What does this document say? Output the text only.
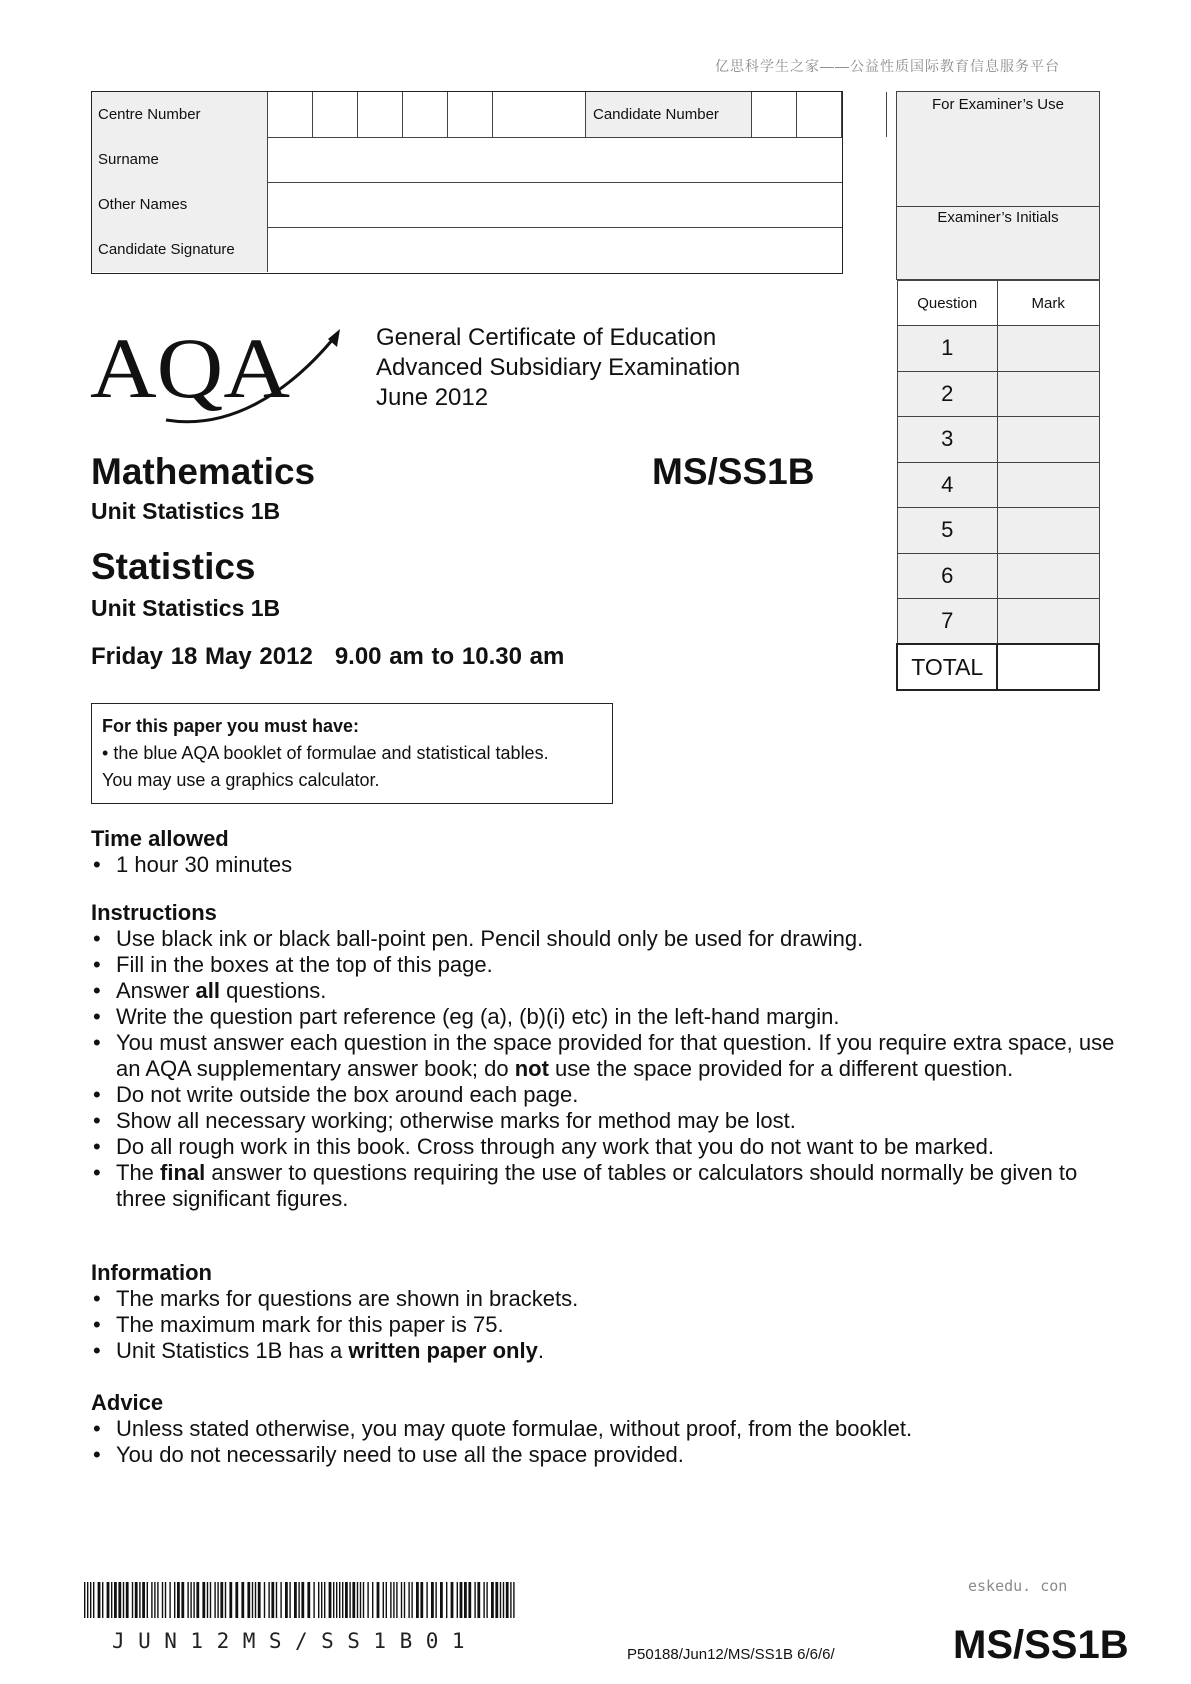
亿思科学生之家——公益性质国际教育信息服务平台
Centre Number	Candidate Number
Surname
Other Names
Candidate Signature
For Examiner’s Use
Examiner’s Initials
Question	Mark
1	
2	
3	
4	
5	
6	
7	
TOTAL	
AQA	General Certificate of Education
Advanced Subsidiary Examination
June 2012
Mathematics	MS/SS1B
Unit Statistics 1B
Statistics
Unit Statistics 1B
Friday 18 May 2012 9.00 am to 10.30 am
For this paper you must have:
• the blue AQA booklet of formulae and statistical tables.
You may use a graphics calculator.
Time allowed
• 1 hour 30 minutes
Instructions
• Use black ink or black ball-point pen. Pencil should only be used for drawing.
• Fill in the boxes at the top of this page.
• Answer all questions.
• Write the question part reference (eg (a), (b)(i) etc) in the left-hand margin.
• You must answer each question in the space provided for that question. If you require extra space, use an AQA supplementary answer book; do not use the space provided for a different question.
• Do not write outside the box around each page.
• Show all necessary working; otherwise marks for method may be lost.
• Do all rough work in this book. Cross through any work that you do not want to be marked.
• The final answer to questions requiring the use of tables or calculators should normally be given to three significant figures.
Information
• The marks for questions are shown in brackets.
• The maximum mark for this paper is 75.
• Unit Statistics 1B has a written paper only.
Advice
• Unless stated otherwise, you may quote formulae, without proof, from the booklet.
• You do not necessarily need to use all the space provided.
JUN12MS/SS1B01
eskedu. con
P50188/Jun12/MS/SS1B 6/6/6/	MS/SS1B
